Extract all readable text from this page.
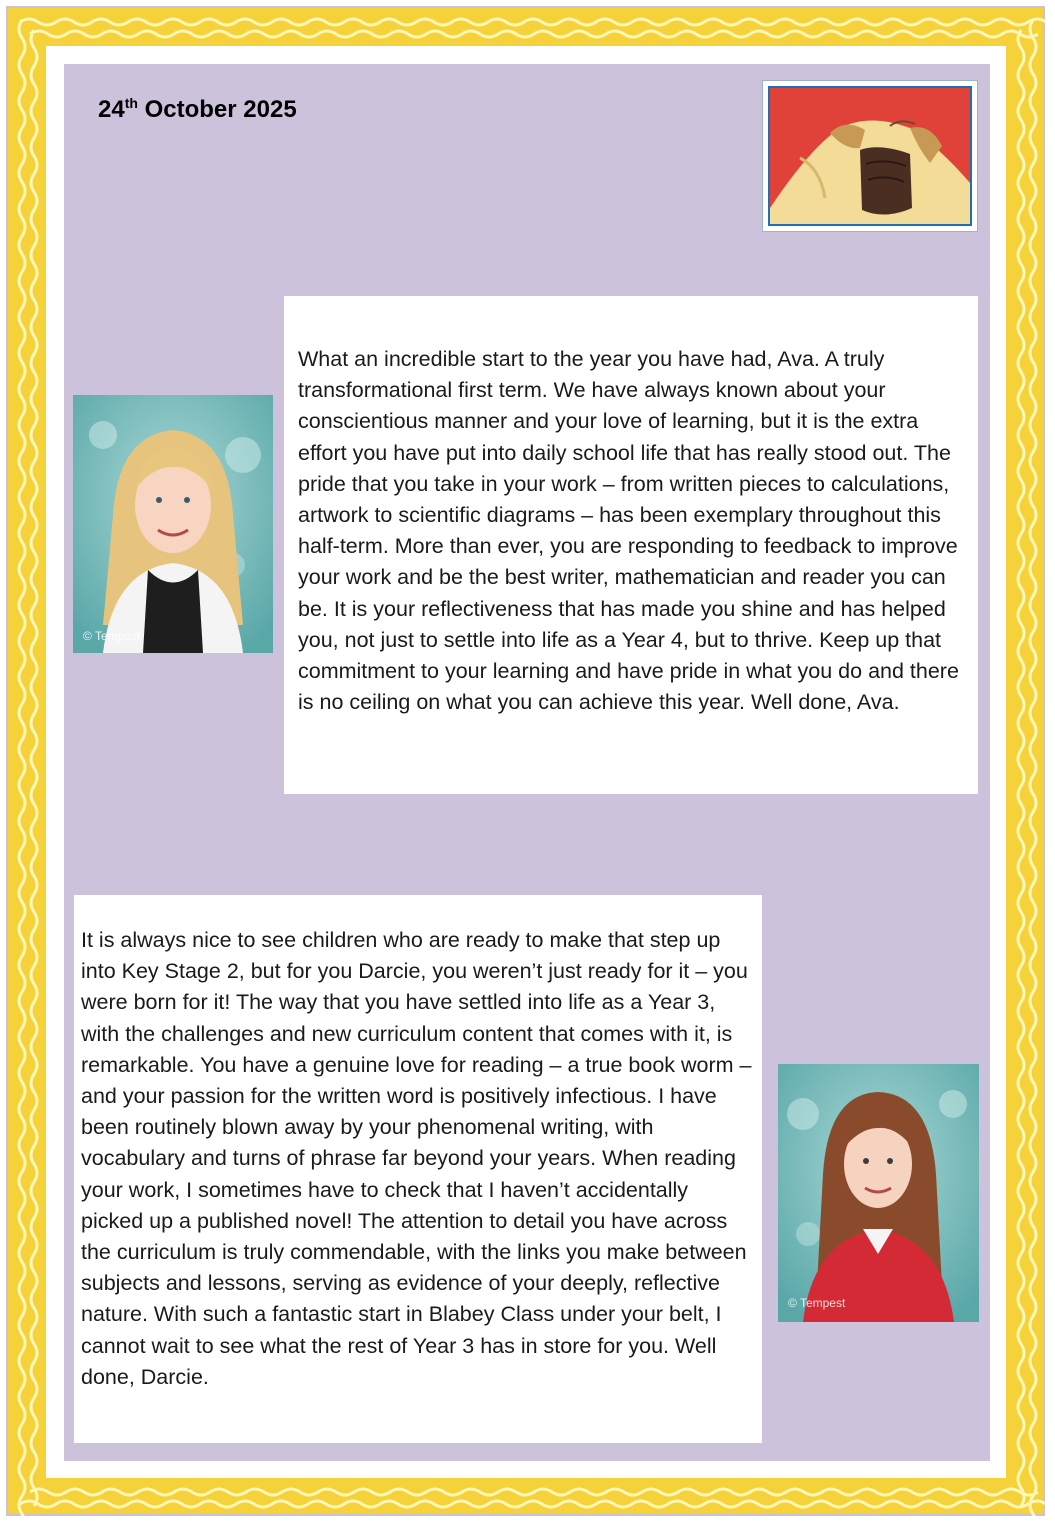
24th October 2025
© Tempest

What an incredible start to the year you have had, Ava. A truly transformational first term. We have always known about your conscientious manner and your love of learning, but it is the extra effort you have put into daily school life that has really stood out. The pride that you take in your work – from written pieces to calculations, artwork to scientific diagrams – has been exemplary throughout this half-term. More than ever, you are responding to feedback to improve your work and be the best writer, mathematician and reader you can be. It is your reflectiveness that has made you shine and has helped you, not just to settle into life as a Year 4, but to thrive. Keep up that commitment to your learning and have pride in what you do and there is no ceiling on what you can achieve this year. Well done, Ava.

It is always nice to see children who are ready to make that step up into Key Stage 2, but for you Darcie, you weren’t just ready for it – you were born for it! The way that you have settled into life as a Year 3, with the challenges and new curriculum content that comes with it, is remarkable. You have a genuine love for reading – a true book worm – and your passion for the written word is positively infectious. I have been routinely blown away by your phenomenal writing, with vocabulary and turns of phrase far beyond your years. When reading your work, I sometimes have to check that I haven’t accidentally picked up a published novel! The attention to detail you have across the curriculum is truly commendable, with the links you make between subjects and lessons, serving as evidence of your deeply, reflective nature. With such a fantastic start in Blabey Class under your belt, I cannot wait to see what the rest of Year 3 has in store for you. Well done, Darcie.

© Tempest
